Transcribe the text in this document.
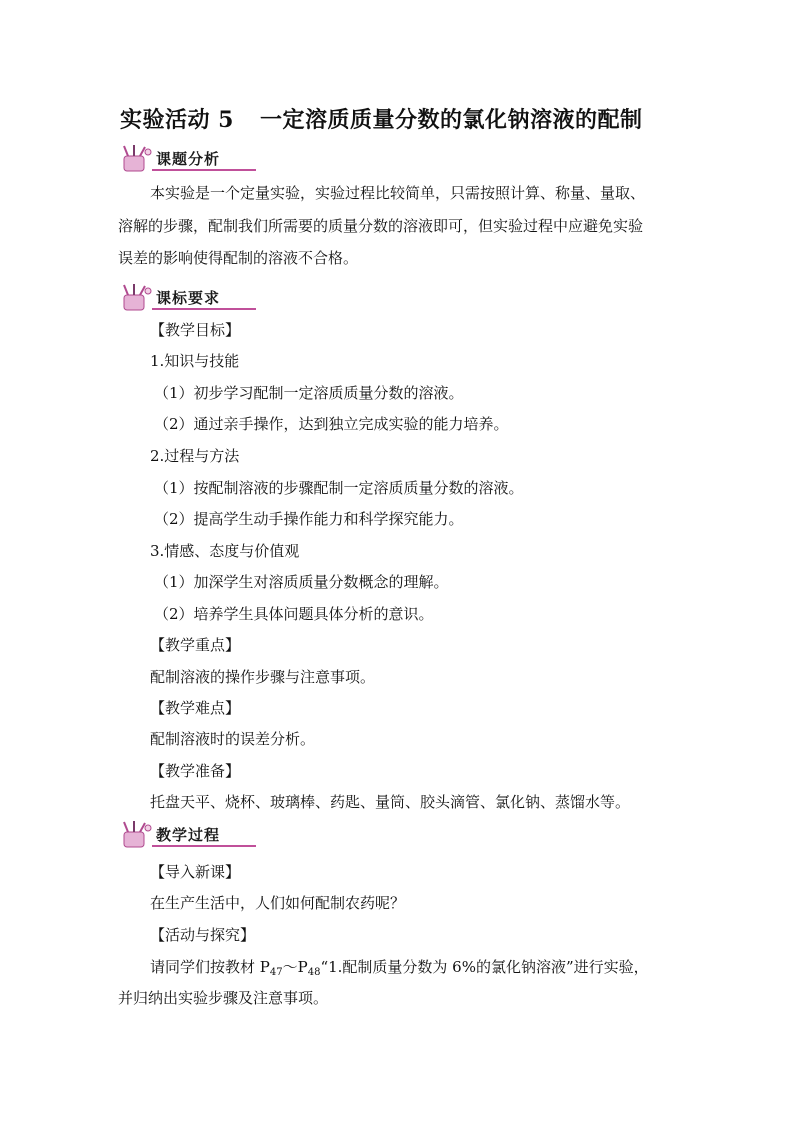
实验活动 5 一定溶质质量分数的氯化钠溶液的配制
课题分析
本实验是一个定量实验，实验过程比较简单，只需按照计算、称量、量取、
溶解的步骤，配制我们所需要的质量分数的溶液即可，但实验过程中应避免实验
误差的影响使得配制的溶液不合格。
课标要求
【教学目标】
1.知识与技能
（1）初步学习配制一定溶质质量分数的溶液。
（2）通过亲手操作，达到独立完成实验的能力培养。
2.过程与方法
（1）按配制溶液的步骤配制一定溶质质量分数的溶液。
（2）提高学生动手操作能力和科学探究能力。
3.情感、态度与价值观
（1）加深学生对溶质质量分数概念的理解。
（2）培养学生具体问题具体分析的意识。
【教学重点】
配制溶液的操作步骤与注意事项。
【教学难点】
配制溶液时的误差分析。
【教学准备】
托盘天平、烧杯、玻璃棒、药匙、量筒、胶头滴管、氯化钠、蒸馏水等。
教学过程
【导入新课】
在生产生活中，人们如何配制农药呢？
【活动与探究】
请同学们按教材 $P_{47}\sim P_{48}“1$.配制质量分数为 6%的氯化钠溶液”进行实验，
并归纳出实验步骤及注意事项。
